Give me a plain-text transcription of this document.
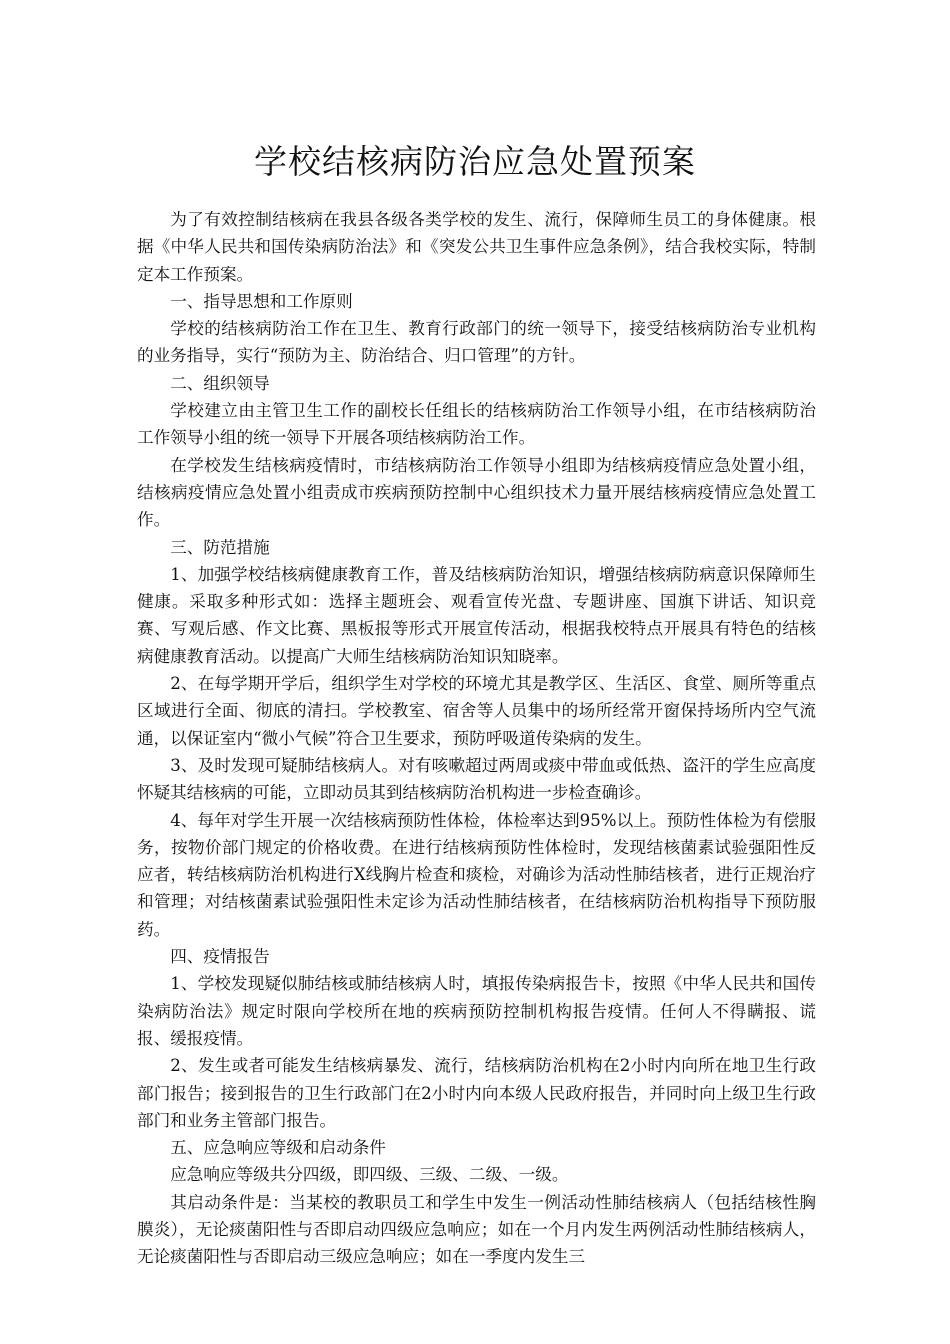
学校结核病防治应急处置预案

为了有效控制结核病在我县各级各类学校的发生、流行，保障师生员工的身体健康。根据《中华人民共和国传染病防治法》和《突发公共卫生事件应急条例》，结合我校实际，特制定本工作预案。

一、指导思想和工作原则

学校的结核病防治工作在卫生、教育行政部门的统一领导下，接受结核病防治专业机构的业务指导，实行“预防为主、防治结合、归口管理”的方针。

二、组织领导

学校建立由主管卫生工作的副校长任组长的结核病防治工作领导小组，在市结核病防治工作领导小组的统一领导下开展各项结核病防治工作。

在学校发生结核病疫情时，市结核病防治工作领导小组即为结核病疫情应急处置小组，结核病疫情应急处置小组责成市疾病预防控制中心组织技术力量开展结核病疫情应急处置工作。

三、防范措施

1、加强学校结核病健康教育工作，普及结核病防治知识，增强结核病防病意识保障师生健康。采取多种形式如：选择主题班会、观看宣传光盘、专题讲座、国旗下讲话、知识竞赛、写观后感、作文比赛、黑板报等形式开展宣传活动，根据我校特点开展具有特色的结核病健康教育活动。以提高广大师生结核病防治知识知晓率。

2、在每学期开学后，组织学生对学校的环境尤其是教学区、生活区、食堂、厕所等重点区域进行全面、彻底的清扫。学校教室、宿舍等人员集中的场所经常开窗保持场所内空气流通，以保证室内“微小气候”符合卫生要求，预防呼吸道传染病的发生。

3、及时发现可疑肺结核病人。对有咳嗽超过两周或痰中带血或低热、盗汗的学生应高度怀疑其结核病的可能，立即动员其到结核病防治机构进一步检查确诊。

4、每年对学生开展一次结核病预防性体检，体检率达到95%以上。预防性体检为有偿服务，按物价部门规定的价格收费。在进行结核病预防性体检时，发现结核菌素试验强阳性反应者，转结核病防治机构进行X线胸片检查和痰检，对确诊为活动性肺结核者，进行正规治疗和管理；对结核菌素试验强阳性未定诊为活动性肺结核者，在结核病防治机构指导下预防服药。

四、疫情报告

1、学校发现疑似肺结核或肺结核病人时，填报传染病报告卡，按照《中华人民共和国传染病防治法》规定时限向学校所在地的疾病预防控制机构报告疫情。任何人不得瞒报、谎报、缓报疫情。

2、发生或者可能发生结核病暴发、流行，结核病防治机构在2小时内向所在地卫生行政部门报告；接到报告的卫生行政部门在2小时内向本级人民政府报告，并同时向上级卫生行政部门和业务主管部门报告。

五、应急响应等级和启动条件

应急响应等级共分四级，即四级、三级、二级、一级。

其启动条件是：当某校的教职员工和学生中发生一例活动性肺结核病人（包括结核性胸膜炎），无论痰菌阳性与否即启动四级应急响应；如在一个月内发生两例活动性肺结核病人，无论痰菌阳性与否即启动三级应急响应；如在一季度内发生三
